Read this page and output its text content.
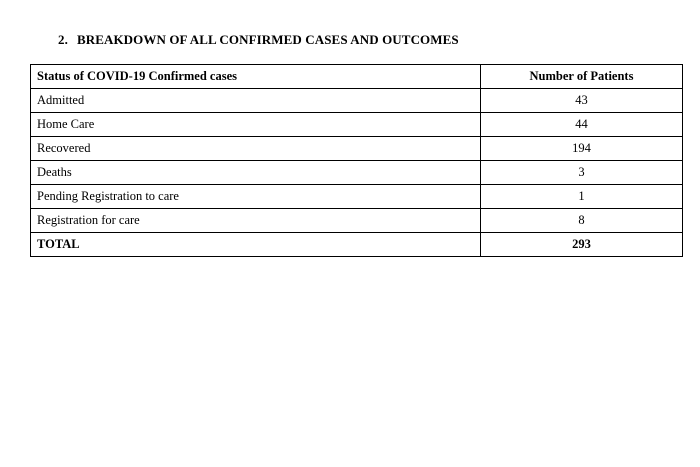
2. BREAKDOWN OF ALL CONFIRMED CASES AND OUTCOMES
Status of COVID-19 Confirmed cases	Number of Patients
Admitted	43
Home Care	44
Recovered	194
Deaths	3
Pending Registration to care	1
Registration for care	8
TOTAL	293
